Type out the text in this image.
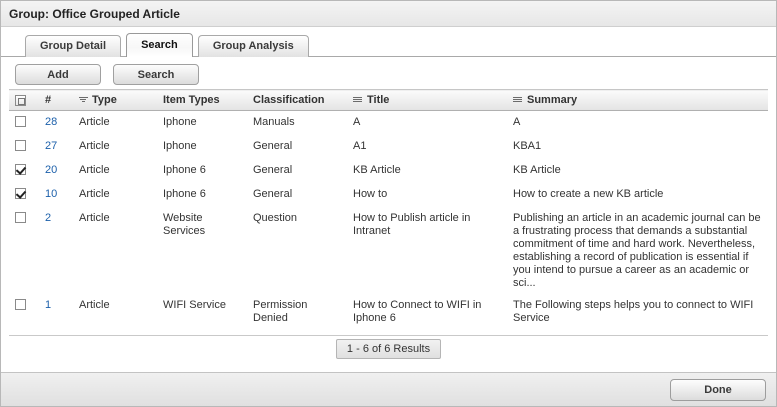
Group: Office Grouped Article
Group Detail	Search	Group Analysis
Add	Search
	#	Type	Item Types	Classification	Title	Summary
	28	Article	Iphone	Manuals	A	A
	27	Article	Iphone	General	A1	KBA1
	20	Article	Iphone 6	General	KB Article	KB Article
	10	Article	Iphone 6	General	How to	How to create a new KB article
	2	Article	Website Services	Question	How to Publish article in Intranet	Publishing an article in an academic journal can be a frustrating process that demands a substantial commitment of time and hard work. Nevertheless, establishing a record of publication is essential if you intend to pursue a career as an academic or sci...
	1	Article	WIFI Service	Permission Denied	How to Connect to WIFI in Iphone 6	The Following steps helps you to connect to WIFI Service
1 - 6 of 6 Results
Done
